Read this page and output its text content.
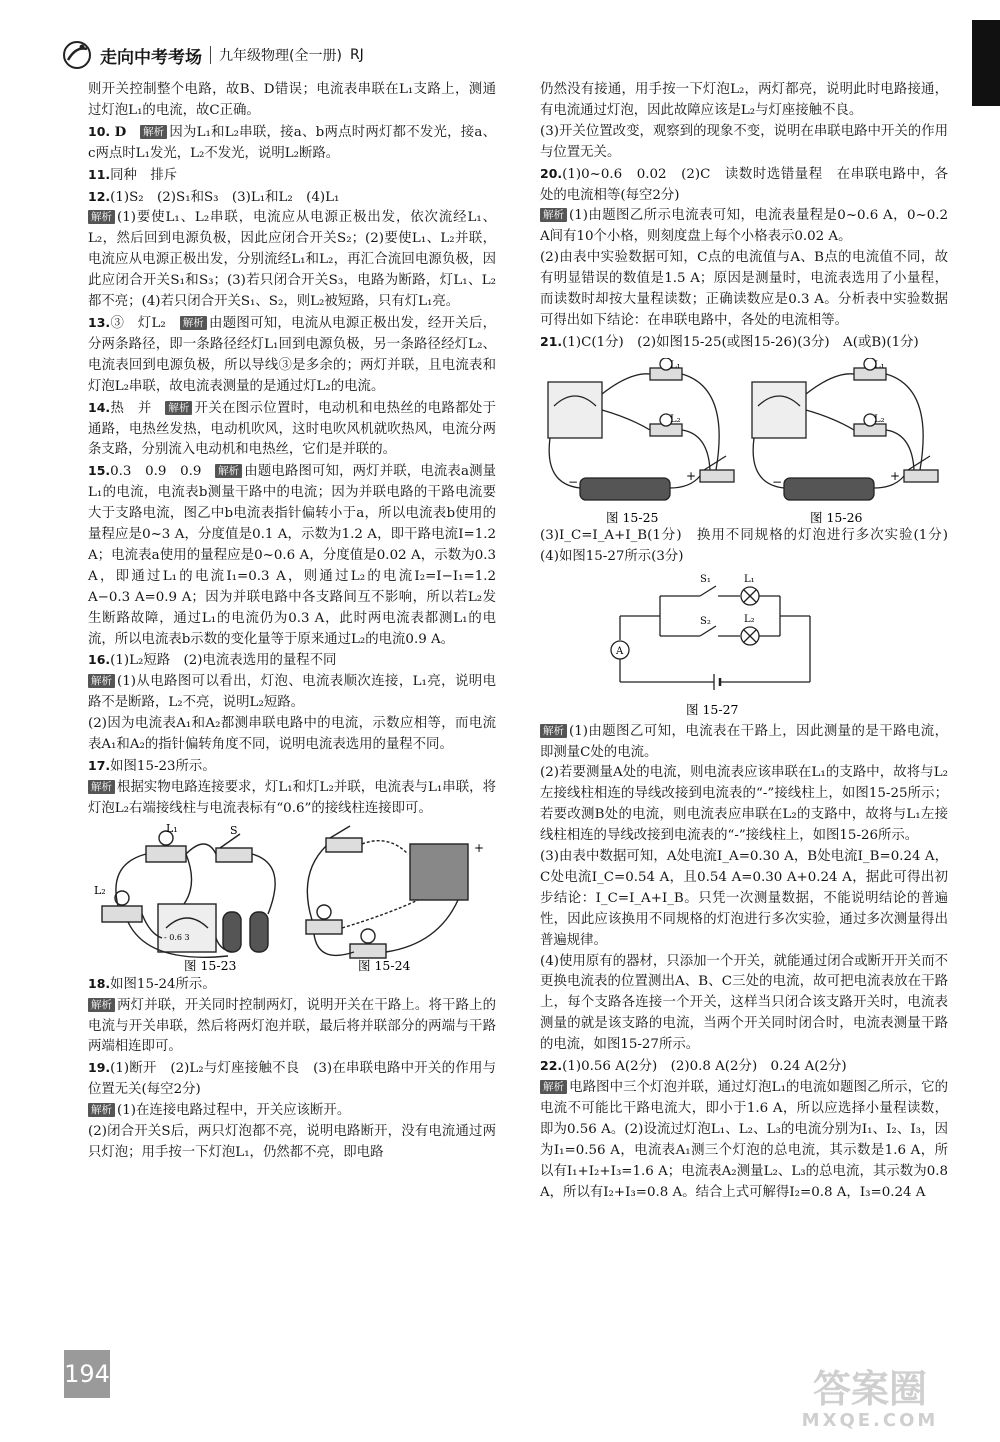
走向中考考场 九年级物理(全一册) RJ

则开关控制整个电路，故B、D错误；电流表串联在L₁支路上，测通过灯泡L₁的电流，故C正确。

10. D　 解析 因为L₁和L₂串联，接a、b两点时两灯都不发光，接a、c两点时L₁发光，L₂不发光，说明L₂断路。

11.同种　排斥

12.(1)S₂　(2)S₁和S₃　(3)L₁和L₂　(4)L₁

解析 (1)要使L₁、L₂串联，电流应从电源正极出发，依次流经L₁、L₂，然后回到电源负极，因此应闭合开关S₂；(2)要使L₁、L₂并联，电流应从电源正极出发，分别流经L₁和L₂，再汇合流回电源负极，因此应闭合开关S₁和S₃；(3)若只闭合开关S₃，电路为断路，灯L₁、L₂都不亮；(4)若只闭合开关S₁、S₂，则L₂被短路，只有灯L₁亮。

13.③　灯L₂　 解析 由题图可知，电流从电源正极出发，经开关后，分两条路径，即一条路径经灯L₁回到电源负极，另一条路径经灯L₂、电流表回到电源负极，所以导线③是多余的；两灯并联，且电流表和灯泡L₂串联，故电流表测量的是通过灯L₂的电流。

14.热　并　 解析 开关在图示位置时，电动机和电热丝的电路都处于通路，电热丝发热，电动机吹风，这时电吹风机就吹热风，电流分两条支路，分别流入电动机和电热丝，它们是并联的。

15.0.3　0.9　0.9　 解析 由题电路图可知，两灯并联，电流表a测量L₁的电流，电流表b测量干路中的电流；因为并联电路的干路电流要大于支路电流，图乙中b电流表指针偏转小于a，所以电流表b使用的量程应是0~3 A，分度值是0.1 A，示数为1.2 A，即干路电流I=1.2 A；电流表a使用的量程应是0~0.6 A，分度值是0.02 A，示数为0.3 A，即通过L₁的电流I₁=0.3 A，则通过L₂的电流I₂=I−I₁=1.2 A−0.3 A=0.9 A；因为并联电路中各支路间互不影响，所以若L₂发生断路故障，通过L₁的电流仍为0.3 A，此时两电流表都测L₁的电流，所以电流表b示数的变化量等于原来通过L₂的电流0.9 A。

16.(1)L₂短路　(2)电流表选用的量程不同

解析 (1)从电路图可以看出，灯泡、电流表顺次连接，L₁亮，说明电路不是断路，L₂不亮，说明L₂短路。

(2)因为电流表A₁和A₂都测串联电路中的电流，示数应相等，而电流表A₁和A₂的指针偏转角度不同，说明电流表选用的量程不同。

17.如图15-23所示。

解析 根据实物电路连接要求，灯L₁和灯L₂并联，电流表与L₁串联，将灯泡L₂右端接线柱与电流表标有“0.6”的接线柱连接即可。

L₁
L₂
S
- 0.6 3
图 15-23
+
图 15-24

18.如图15-24所示。

解析 两灯并联，开关同时控制两灯，说明开关在干路上。将干路上的电流与开关串联，然后将两灯泡并联，最后将并联部分的两端与干路两端相连即可。

19.(1)断开　(2)L₂与灯座接触不良　(3)在串联电路中开关的作用与位置无关(每空2分)

解析 (1)在连接电路过程中，开关应该断开。

(2)闭合开关S后，两只灯泡都不亮，说明电路断开，没有电流通过两只灯泡；用手按一下灯泡L₁，仍然都不亮，即电路

仍然没有接通，用手按一下灯泡L₂，两灯都亮，说明此时电路接通，有电流通过灯泡，因此故障应该是L₂与灯座接触不良。

(3)开关位置改变，观察到的现象不变，说明在串联电路中开关的作用与位置无关。

20.(1)0~0.6　0.02　(2)C　读数时选错量程　在串联电路中，各处的电流相等(每空2分)

解析 (1)由题图乙所示电流表可知，电流表量程是0~0.6 A，0~0.2 A间有10个小格，则刻度盘上每个小格表示0.02 A。

(2)由表中实验数据可知，C点的电流值与A、B点的电流值不同，故有明显错误的数值是1.5 A；原因是测量时，电流表选用了小量程，而读数时却按大量程读数；正确读数应是0.3 A。分析表中实验数据可得出如下结论：在串联电路中，各处的电流相等。

21.(1)C(1分)　(2)如图15-25(或图15-26)(3分)　A(或B)(1分)

L₁
L₂
−	+
图 15-25
L₁
L₂
−	+
图 15-26

(3)I_C=I_A+I_B(1分)　换用不同规格的灯泡进行多次实验(1分)　(4)如图15-27所示(3分)

S₁	L₁
S₂	L₂
A
图 15-27

解析 (1)由题图乙可知，电流表在干路上，因此测量的是干路电流，即测量C处的电流。

(2)若要测量A处的电流，则电流表应该串联在L₁的支路中，故将与L₂左接线柱相连的导线改接到电流表的“-”接线柱上，如图15-25所示；若要改测B处的电流，则电流表应串联在L₂的支路中，故将与L₁左接线柱相连的导线改接到电流表的“-”接线柱上，如图15-26所示。

(3)由表中数据可知，A处电流I_A=0.30 A，B处电流I_B=0.24 A，C处电流I_C=0.54 A，且0.54 A=0.30 A+0.24 A，据此可得出初步结论：I_C=I_A+I_B。只凭一次测量数据，不能说明结论的普遍性，因此应该换用不同规格的灯泡进行多次实验，通过多次测量得出普遍规律。

(4)使用原有的器材，只添加一个开关，就能通过闭合或断开开关而不更换电流表的位置测出A、B、C三处的电流，故可把电流表放在干路上，每个支路各连接一个开关，这样当只闭合该支路开关时，电流表测量的就是该支路的电流，当两个开关同时闭合时，电流表测量干路的电流，如图15-27所示。

22.(1)0.56 A(2分)　(2)0.8 A(2分)　0.24 A(2分)

解析 电路图中三个灯泡并联，通过灯泡L₁的电流如题图乙所示，它的电流不可能比干路电流大，即小于1.6 A，所以应选择小量程读数，即为0.56 A。(2)设流过灯泡L₁、L₂、L₃的电流分别为I₁、I₂、I₃，因为I₁=0.56 A，电流表A₁测三个灯泡的总电流，其示数是1.6 A，所以有I₁+I₂+I₃=1.6 A；电流表A₂测量L₂、L₃的总电流，其示数为0.8 A，所以有I₂+I₃=0.8 A。结合上式可解得I₂=0.8 A，I₃=0.24 A

194	答案圈
MXQE.COM
